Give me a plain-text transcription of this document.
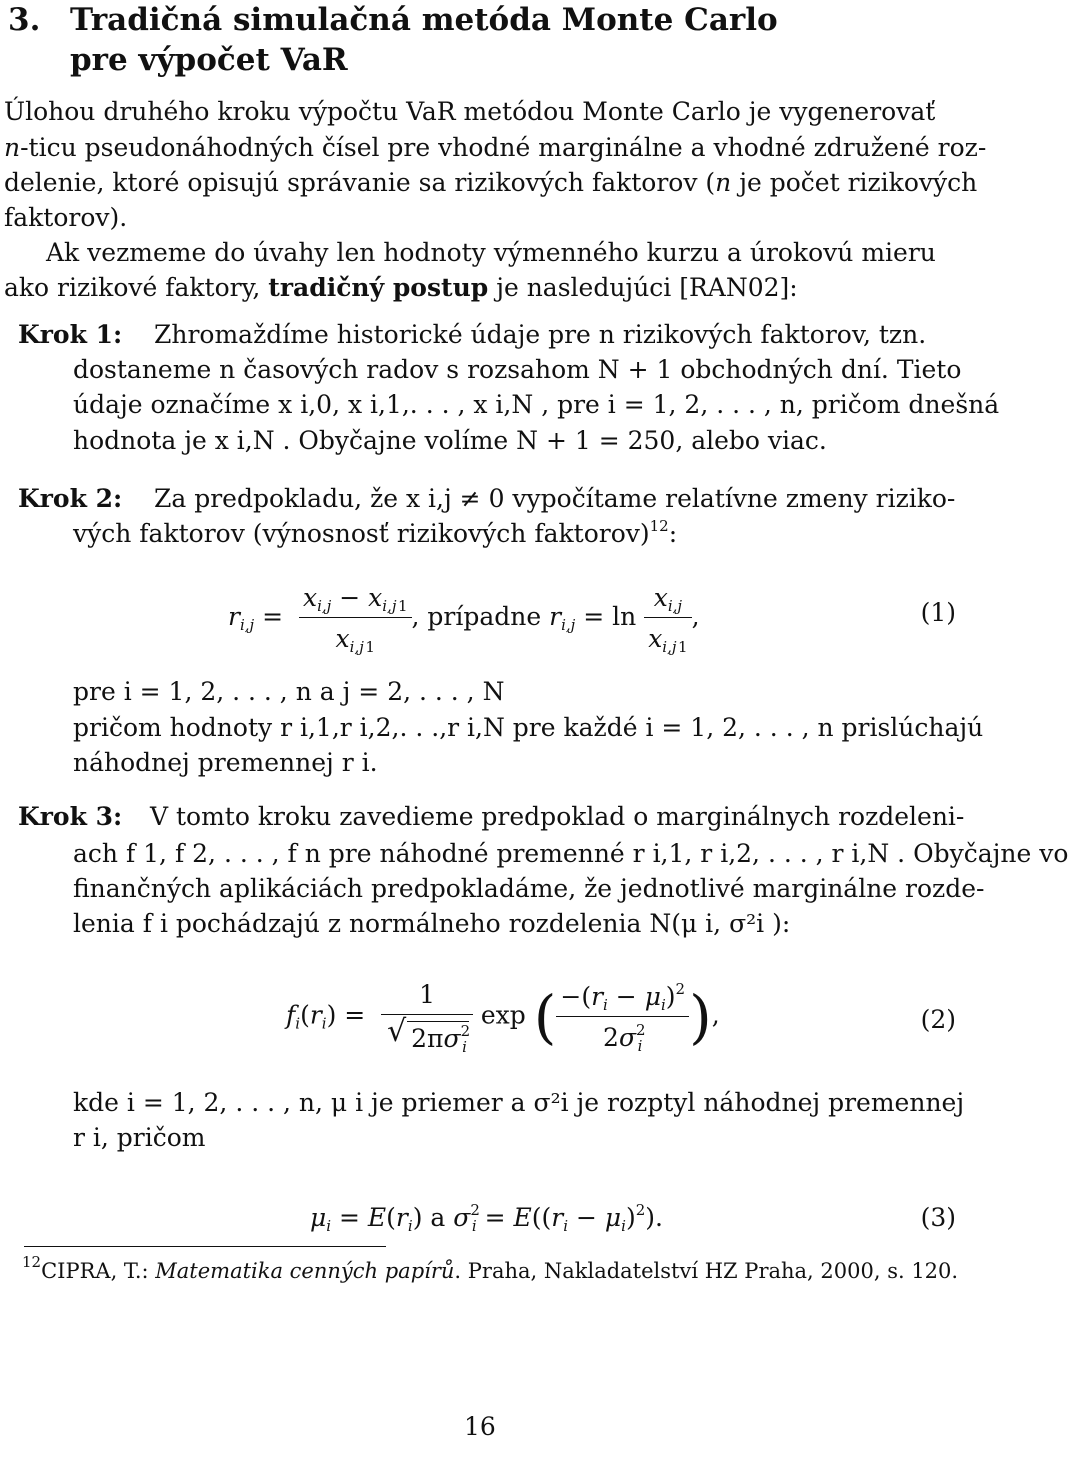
3. Tradičná simulačná metóda Monte Carlo
pre výpočet VaR
Úlohou druhého kroku výpočtu VaR metódou Monte Carlo je vygenerovať
n-ticu pseudonáhodných čísel pre vhodné marginálne a vhodné združené roz-
delenie, ktoré opisujú správanie sa rizikových faktorov (n je počet rizikových
faktorov).
Ak vezmeme do úvahy len hodnoty výmenného kurzu a úrokovú mieru
ako rizikové faktory, tradičný postup je nasledujúci [RAN02]:
Krok 1: Zhromaždíme historické údaje pre n rizikových faktorov, tzn.
dostaneme n časových radov s rozsahom N + 1 obchodných dní. Tieto
údaje označíme x i,0, x i,1,. . . , x i,N , pre i = 1, 2, . . . , n, pričom dnešná
hodnota je x i,N . Obyčajne volíme N + 1 = 250, alebo viac.
Krok 2: Za predpokladu, že x i,j ≠ 0 vypočítame relatívne zmeny riziko-
vých faktorov (výnosnosť rizikových faktorov)$^{12}$:
$r_{i,j} = \frac{x_{i,j} - x_{i,j} _1}{x_{i,j} _1}$ , prípadne $r_{i,j} = \ln \frac{x_{i,j}}{x_{i,j} _1}$ ,	(1)
pre i = 1, 2, . . . , n a j = 2, . . . , N
pričom hodnoty r i,1,r i,2,. . .,r i,N pre každé i = 1, 2, . . . , n prislúchajú
náhodnej premennej r i.
Krok 3: V tomto kroku zavedieme predpoklad o marginálnych rozdeleni-
ach f 1, f 2, . . . , f n pre náhodné premenné r i,1, r i,2, . . . , r i,N . Obyčajne vo
finančných aplikáciách predpokladáme, že jednotlivé marginálne rozde-
lenia f i pochádzajú z normálneho rozdelenia N(μ i, σ²i ):
$f_i(r_i) = \frac{1}{√ 2\pi\sigma^2_i}$ exp ( $\frac{-(r_i - \mu_i)^2}{2\sigma^2_i}$ ),	(2)
kde i = 1, 2, . . . , n, μ i je priemer a σ²i je rozptyl náhodnej premennej
r i, pričom
$\mu_i = E(r_i)$ a $\sigma^2_i = E((r_i - \mu_i)^2)$.	(3)
$^{12}$CIPRA, T.: Matematika cenných papírů. Praha, Nakladatelství HZ Praha, 2000, s. 120.
16
